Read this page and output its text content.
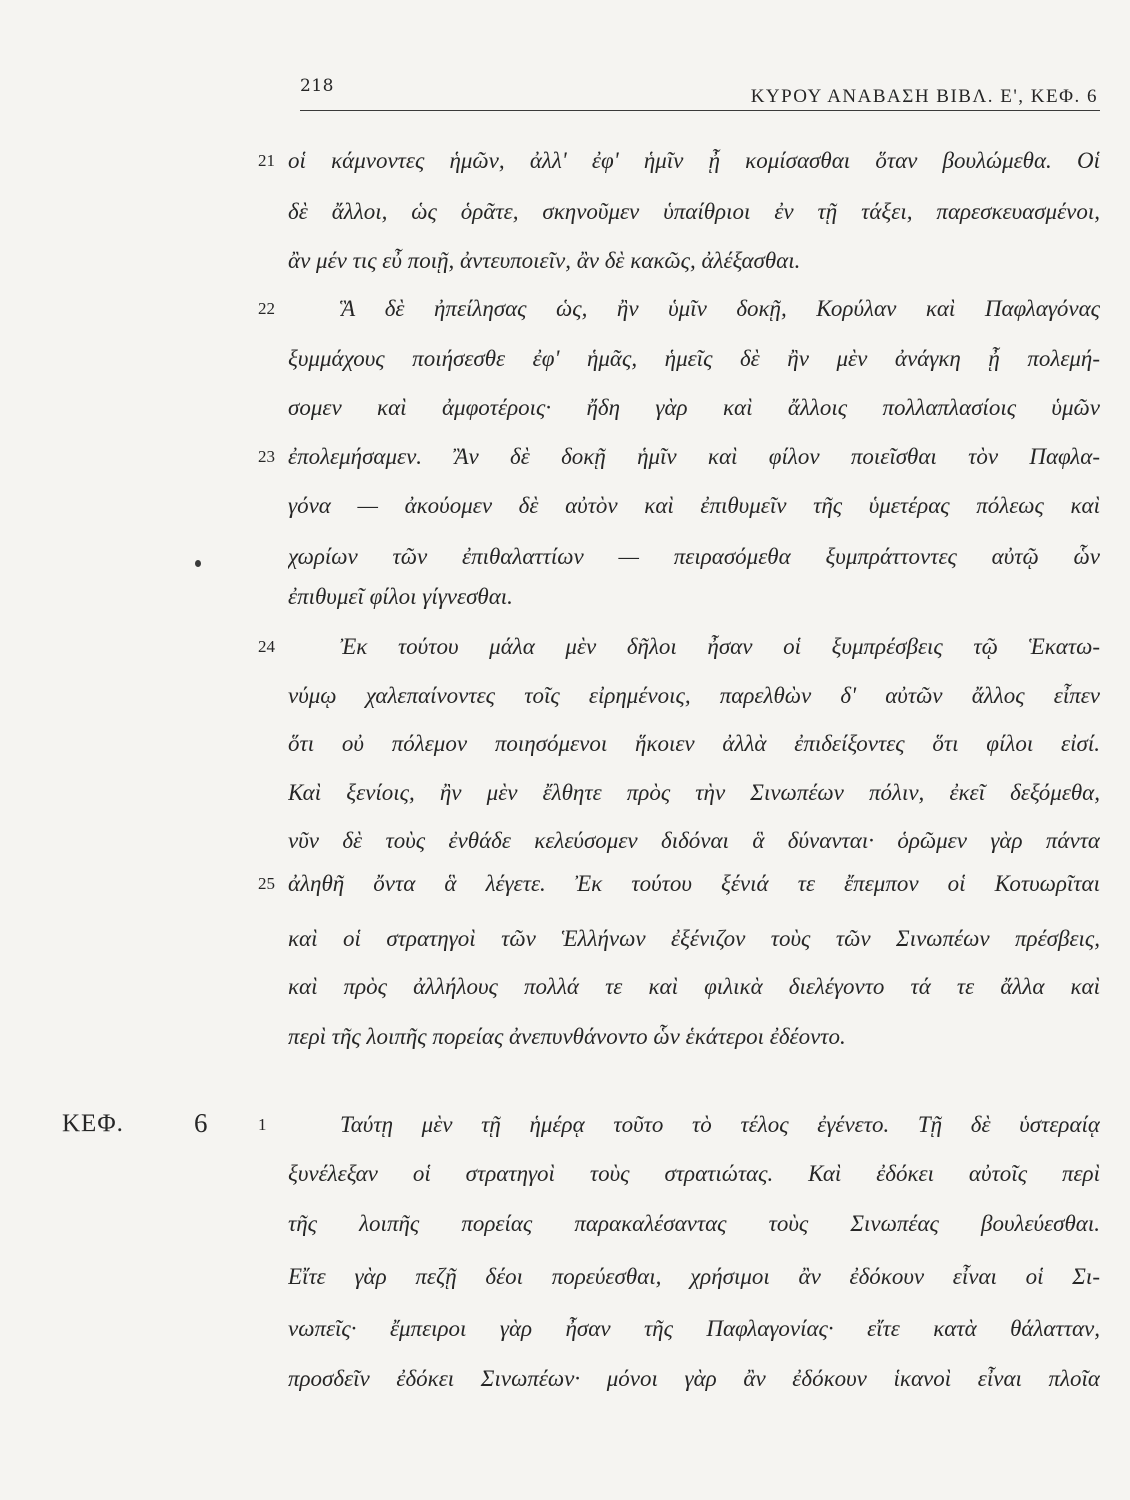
218	ΚΥΡΟΥ ΑΝΑΒΑΣΗ ΒΙΒΛ. Ε', ΚΕΦ. 6
21
22
23
24
25
1
ΚΕΦ.	6
οἱ κάμνοντες ἡμῶν, ἀλλ' ἐφ' ἡμῖν ᾖ κομίσασθαι ὅταν βουλώμεθα. Οἱ
δὲ ἄλλοι, ὡς ὁρᾶτε, σκηνοῦμεν ὑπαίθριοι ἐν τῇ τάξει, παρεσκευασμένοι,
ἂν μέν τις εὖ ποιῇ, ἀντευποιεῖν, ἂν δὲ κακῶς, ἀλέξασθαι.
Ἃ δὲ ἠπείλησας ὡς, ἢν ὑμῖν δοκῇ, Κορύλαν καὶ Παφλαγόνας
ξυμμάχους ποιήσεσθε ἐφ' ἡμᾶς, ἡμεῖς δὲ ἢν μὲν ἀνάγκη ᾖ πολεμή-
σομεν καὶ ἀμφοτέροις· ἤδη γὰρ καὶ ἄλλοις πολλαπλασίοις ὑμῶν
ἐπολεμήσαμεν. Ἂν δὲ δοκῇ ἡμῖν καὶ φίλον ποιεῖσθαι τὸν Παφλα-
γόνα — ἀκούομεν δὲ αὐτὸν καὶ ἐπιθυμεῖν τῆς ὑμετέρας πόλεως καὶ
χωρίων τῶν ἐπιθαλαττίων — πειρασόμεθα ξυμπράττοντες αὐτῷ ὧν
ἐπιθυμεῖ φίλοι γίγνεσθαι.
Ἐκ τούτου μάλα μὲν δῆλοι ἦσαν οἱ ξυμπρέσβεις τῷ Ἑκατω-
νύμῳ χαλεπαίνοντες τοῖς εἰρημένοις, παρελθὼν δ' αὐτῶν ἄλλος εἶπεν
ὅτι οὐ πόλεμον ποιησόμενοι ἥκοιεν ἀλλὰ ἐπιδείξοντες ὅτι φίλοι εἰσί.
Καὶ ξενίοις, ἢν μὲν ἔλθητε πρὸς τὴν Σινωπέων πόλιν, ἐκεῖ δεξόμεθα,
νῦν δὲ τοὺς ἐνθάδε κελεύσομεν διδόναι ἃ δύνανται· ὁρῶμεν γὰρ πάντα
ἀληθῆ ὄντα ἃ λέγετε. Ἐκ τούτου ξένιά τε ἔπεμπον οἱ Κοτυωρῖται
καὶ οἱ στρατηγοὶ τῶν Ἑλλήνων ἐξένιζον τοὺς τῶν Σινωπέων πρέσβεις,
καὶ πρὸς ἀλλήλους πολλά τε καὶ φιλικὰ διελέγοντο τά τε ἄλλα καὶ
περὶ τῆς λοιπῆς πορείας ἀνεπυνθάνοντο ὧν ἑκάτεροι ἐδέοντο.
Ταύτῃ μὲν τῇ ἡμέρᾳ τοῦτο τὸ τέλος ἐγένετο. Τῇ δὲ ὑστεραίᾳ
ξυνέλεξαν οἱ στρατηγοὶ τοὺς στρατιώτας. Καὶ ἐδόκει αὐτοῖς περὶ
τῆς λοιπῆς πορείας παρακαλέσαντας τοὺς Σινωπέας βουλεύεσθαι.
Εἴτε γὰρ πεζῇ δέοι πορεύεσθαι, χρήσιμοι ἂν ἐδόκουν εἶναι οἱ Σι-
νωπεῖς· ἔμπειροι γὰρ ἦσαν τῆς Παφλαγονίας· εἴτε κατὰ θάλατταν,
προσδεῖν ἐδόκει Σινωπέων· μόνοι γὰρ ἂν ἐδόκουν ἱκανοὶ εἶναι πλοῖα
